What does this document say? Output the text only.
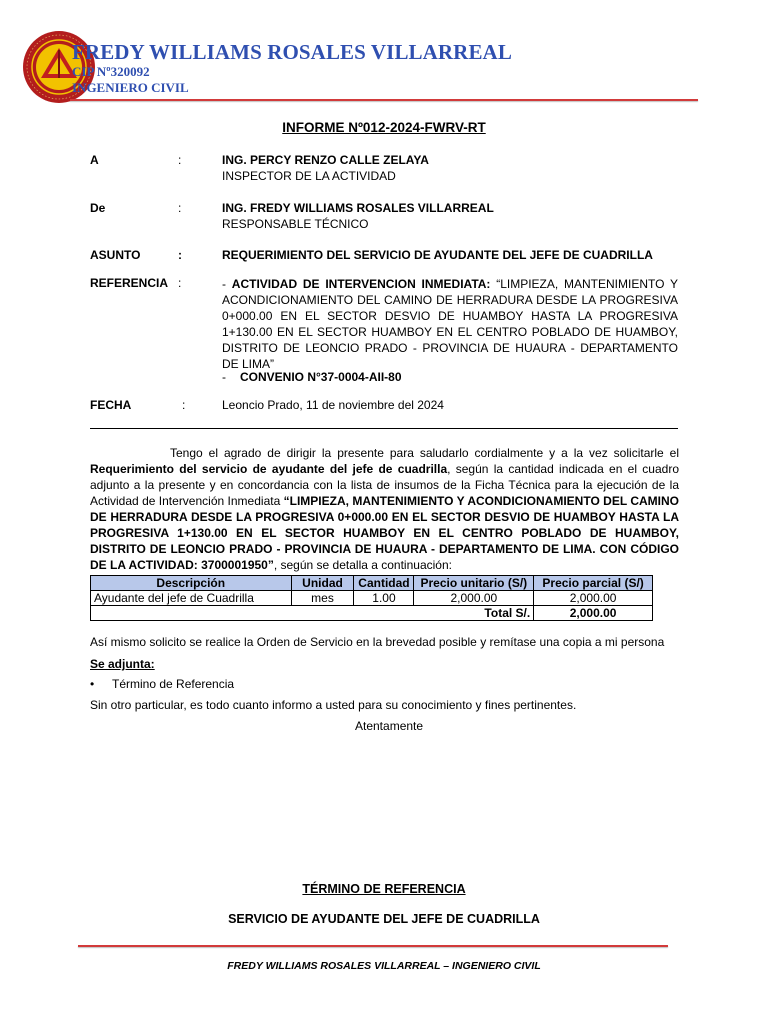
FREDY WILLIAMS ROSALES VILLARREAL
CIP Nº320092
INGENIERO CIVIL
INFORME Nº012-2024-FWRV-RT
A	:	ING. PERCY RENZO CALLE ZELAYA
INSPECTOR DE LA ACTIVIDAD
De	:	ING. FREDY WILLIAMS ROSALES VILLARREAL
RESPONSABLE TÉCNICO
ASUNTO	:	REQUERIMIENTO DEL SERVICIO DE AYUDANTE DEL JEFE DE CUADRILLA
REFERENCIA :	- ACTIVIDAD DE INTERVENCION INMEDIATA: “LIMPIEZA, MANTENIMIENTO Y ACONDICIONAMIENTO DEL CAMINO DE HERRADURA DESDE LA PROGRESIVA 0+000.00 EN EL SECTOR DESVIO DE HUAMBOY HASTA LA PROGRESIVA 1+130.00 EN EL SECTOR HUAMBOY EN EL CENTRO POBLADO DE HUAMBOY, DISTRITO DE LEONCIO PRADO - PROVINCIA DE HUAURA - DEPARTAMENTO DE LIMA”
- CONVENIO N°37-0004-AII-80
FECHA	:	Leoncio Prado, 11 de noviembre del 2024
Tengo el agrado de dirigir la presente para saludarlo cordialmente y a la vez solicitarle el Requerimiento del servicio de ayudante del jefe de cuadrilla, según la cantidad indicada en el cuadro adjunto a la presente y en concordancia con la lista de insumos de la Ficha Técnica para la ejecución de la Actividad de Intervención Inmediata “LIMPIEZA, MANTENIMIENTO Y ACONDICIONAMIENTO DEL CAMINO DE HERRADURA DESDE LA PROGRESIVA 0+000.00 EN EL SECTOR DESVIO DE HUAMBOY HASTA LA PROGRESIVA 1+130.00 EN EL SECTOR HUAMBOY EN EL CENTRO POBLADO DE HUAMBOY, DISTRITO DE LEONCIO PRADO - PROVINCIA DE HUAURA - DEPARTAMENTO DE LIMA. CON CÓDIGO DE LA ACTIVIDAD: 3700001950”, según se detalla a continuación:
Descripción	Unidad	Cantidad	Precio unitario (S/)	Precio parcial (S/)
Ayudante del jefe de Cuadrilla	mes	1.00	2,000.00	2,000.00
Total S/.				2,000.00
Así mismo solicito se realice la Orden de Servicio en la brevedad posible y remítase una copia a mi persona
Se adjunta:
• Término de Referencia
Sin otro particular, es todo cuanto informo a usted para su conocimiento y fines pertinentes.
Atentamente
TÉRMINO DE REFERENCIA
SERVICIO DE AYUDANTE DEL JEFE DE CUADRILLA
FREDY WILLIAMS ROSALES VILLARREAL – INGENIERO CIVIL
